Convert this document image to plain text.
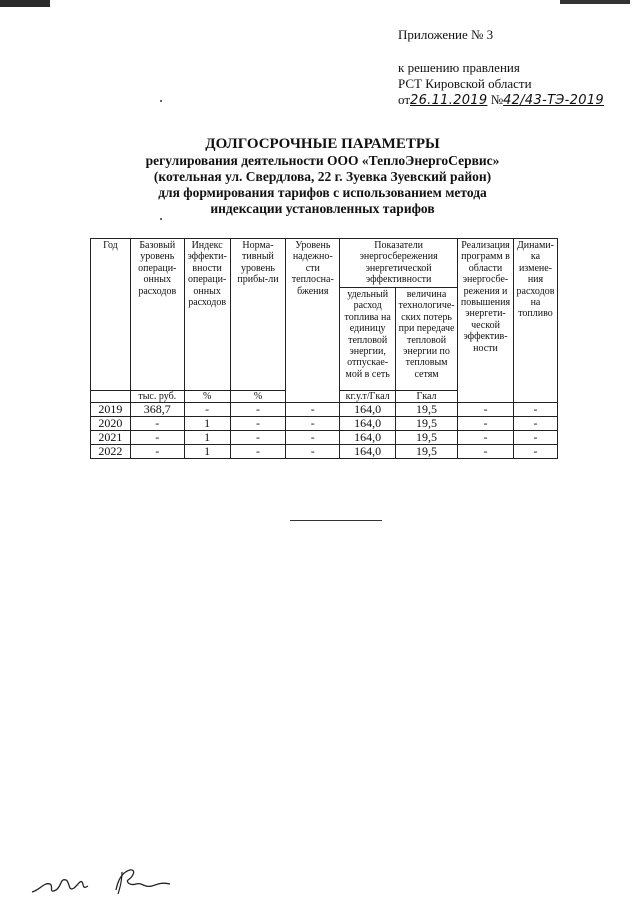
Приложение № 3
к решению правления
РСТ Кировской области
от26.11.2019 №42/43-ТЭ-2019
ДОЛГОСРОЧНЫЕ ПАРАМЕТРЫ
регулирования деятельности ООО «ТеплоЭнергоСервис»
(котельная ул. Свердлова, 22 г. Зуевка Зуевский район)
для формирования тарифов с использованием метода
индексации установленных тарифов
Год	Базовый уровень операци-онных расходов	Индекс эффекти-вности операци-онных расходов	Норма-тивный уровень прибы-ли	Уровень надежно-сти теплосна-бжения	Показатели энергосбережения энергетической эффективности		Реализация программ в области энергосбе-режения и повышения энергети-ческой эффектив-ности	Динами-ка измене-ния расходов на топливо
					удельный расход топлива на единицу тепловой энергии, отпускае-мой в сеть	величина технологиче-ских потерь при передаче тепловой энергии по тепловым сетям		
	тыс. руб.	%	%		кг.у.т/Гкал	Гкал		
2019	368,7	-	-	-	164,0	19,5	-	-
2020	-	1	-	-	164,0	19,5	-	-
2021	-	1	-	-	164,0	19,5	-	-
2022	-	1	-	-	164,0	19,5	-	-
